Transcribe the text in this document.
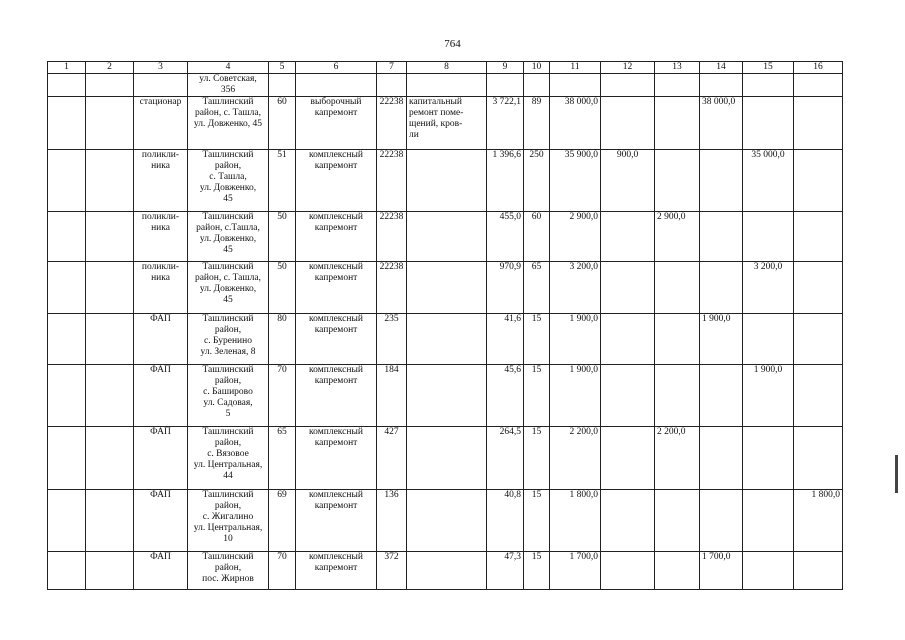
764
1	2	3	4	5	6	7	8	9	10	11	12	13	14	15	16
			ул. Советская,
356												
		стационар	Ташлинский
район, с. Ташла,
ул. Довженко, 45	60	выборочный
капремонт	22238	капитальный
ремонт поме-
щений, кров-
ли	3 722,1	89	38 000,0			38 000,0		
		поликли-
ника	Ташлинский
район,
с. Ташла,
ул. Довженко,
45	51	комплексный
капремонт	22238		1 396,6	250	35 900,0	900,0			35 000,0	
		поликли-
ника	Ташлинский
район, с.Ташла,
ул. Довженко,
45	50	комплексный
капремонт	22238		455,0	60	2 900,0		2 900,0			
		поликли-
ника	Ташлинский
район, с. Ташла,
ул. Довженко,
45	50	комплексный
капремонт	22238		970,9	65	3 200,0				3 200,0	
		ФАП	Ташлинский
район,
с. Буренино
ул. Зеленая, 8	80	комплексный
капремонт	235		41,6	15	1 900,0			1 900,0		
		ФАП	Ташлинский
район,
с. Баширово
ул. Садовая,
5	70	комплексный
капремонт	184		45,6	15	1 900,0				1 900,0	
		ФАП	Ташлинский
район,
с. Вязовое
ул. Центральная,
44	65	комплексный
капремонт	427		264,5	15	2 200,0		2 200,0			
		ФАП	Ташлинский
район,
с. Жигалино
ул. Центральная,
10	69	комплексный
капремонт	136		40,8	15	1 800,0					1 800,0
		ФАП	Ташлинский
район,
пос. Жирнов	70	комплексный
капремонт	372		47,3	15	1 700,0			1 700,0		
